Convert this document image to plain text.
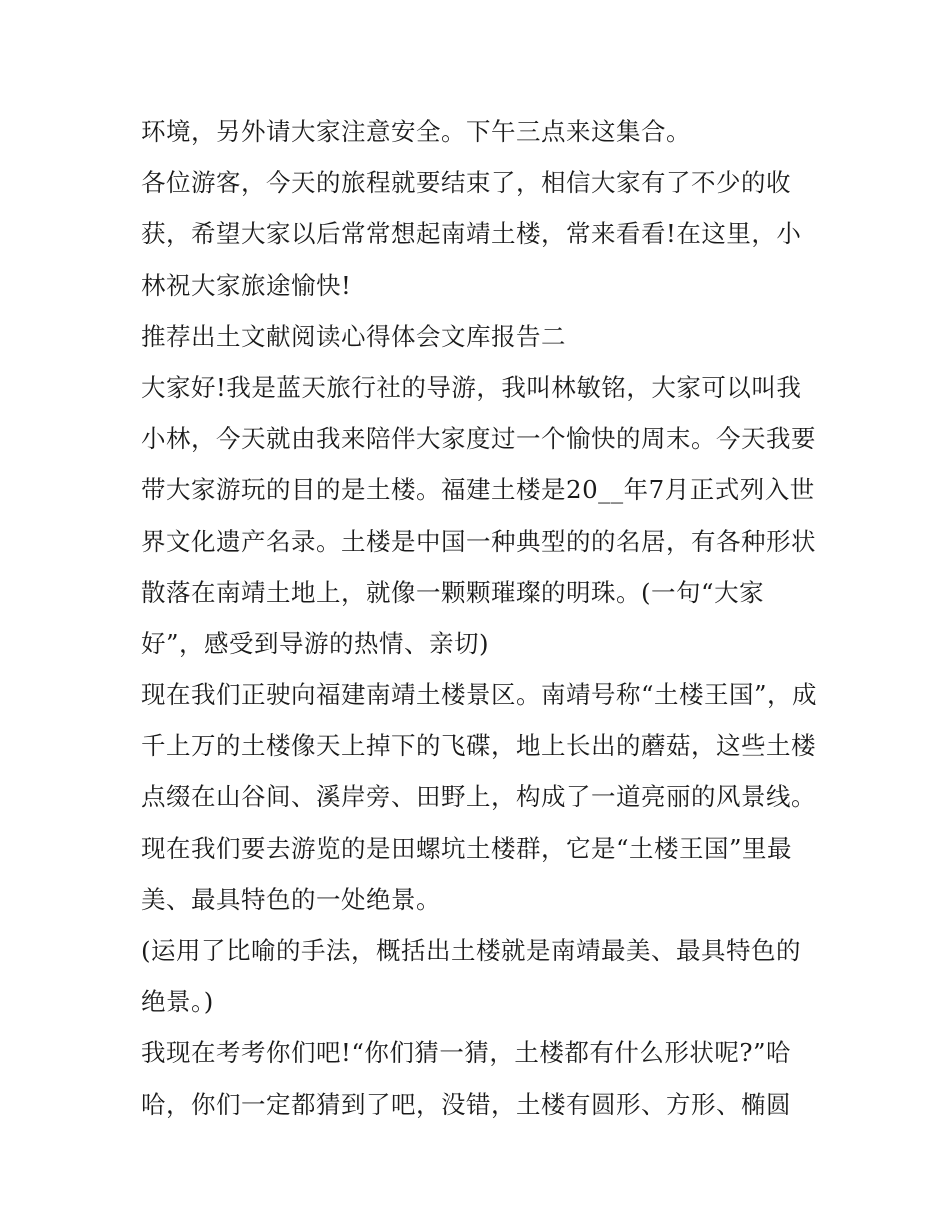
环境，另外请大家注意安全。下午三点来这集合。
各位游客，今天的旅程就要结束了，相信大家有了不少的收
获，希望大家以后常常想起南靖土楼，常来看看!在这里，小
林祝大家旅途愉快!
推荐出土文献阅读心得体会文库报告二
大家好!我是蓝天旅行社的导游，我叫林敏铭，大家可以叫我
小林，今天就由我来陪伴大家度过一个愉快的周末。今天我要
带大家游玩的目的是土楼。福建土楼是20__年7月正式列入世
界文化遗产名录。土楼是中国一种典型的的名居，有各种形状
散落在南靖土地上，就像一颗颗璀璨的明珠。(一句“大家
好”，感受到导游的热情、亲切)
现在我们正驶向福建南靖土楼景区。南靖号称“土楼王国”，成
千上万的土楼像天上掉下的飞碟，地上长出的蘑菇，这些土楼
点缀在山谷间、溪岸旁、田野上，构成了一道亮丽的风景线。
现在我们要去游览的是田螺坑土楼群，它是“土楼王国”里最
美、最具特色的一处绝景。
(运用了比喻的手法，概括出土楼就是南靖最美、最具特色的
绝景。)
我现在考考你们吧!“你们猜一猜，土楼都有什么形状呢?”哈
哈，你们一定都猜到了吧，没错，土楼有圆形、方形、椭圆
